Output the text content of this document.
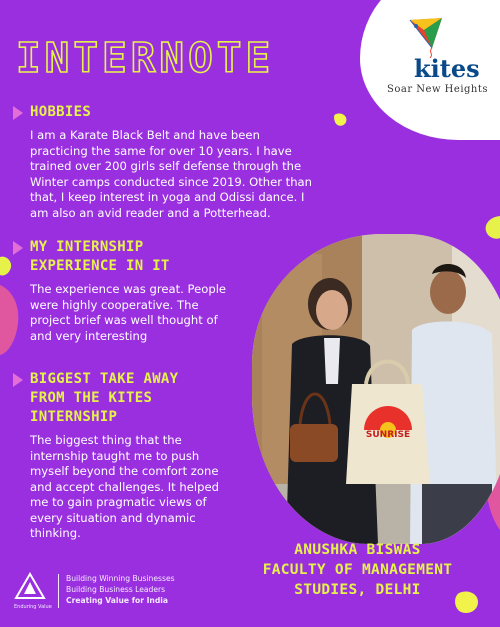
INTERNOTE	kites
Soar New Heights
HOBBIES

I am a Karate Black Belt and have been
practicing the same for over 10 years. I have
trained over 200 girls self defense through the
Winter camps conducted since 2019. Other than
that, I keep interest in yoga and Odissi dance. I
am also an avid reader and a Potterhead.

MY INTERNSHIP
EXPERIENCE IN IT

The experience was great. People
were highly cooperative. The
project brief was well thought of
and very interesting

BIGGEST TAKE AWAY
FROM THE KITES
INTERNSHIP

The biggest thing that the
internship taught me to push
myself beyond the comfort zone
and accept challenges. It helped
me to gain pragmatic views of
every situation and dynamic
thinking.

SUNRISE
ANUSHKA BISWAS
FACULTY OF MANAGEMENT
STUDIES, DELHI
Enduring Value
Building Winning Businesses
Building Business Leaders
Creating Value for India
